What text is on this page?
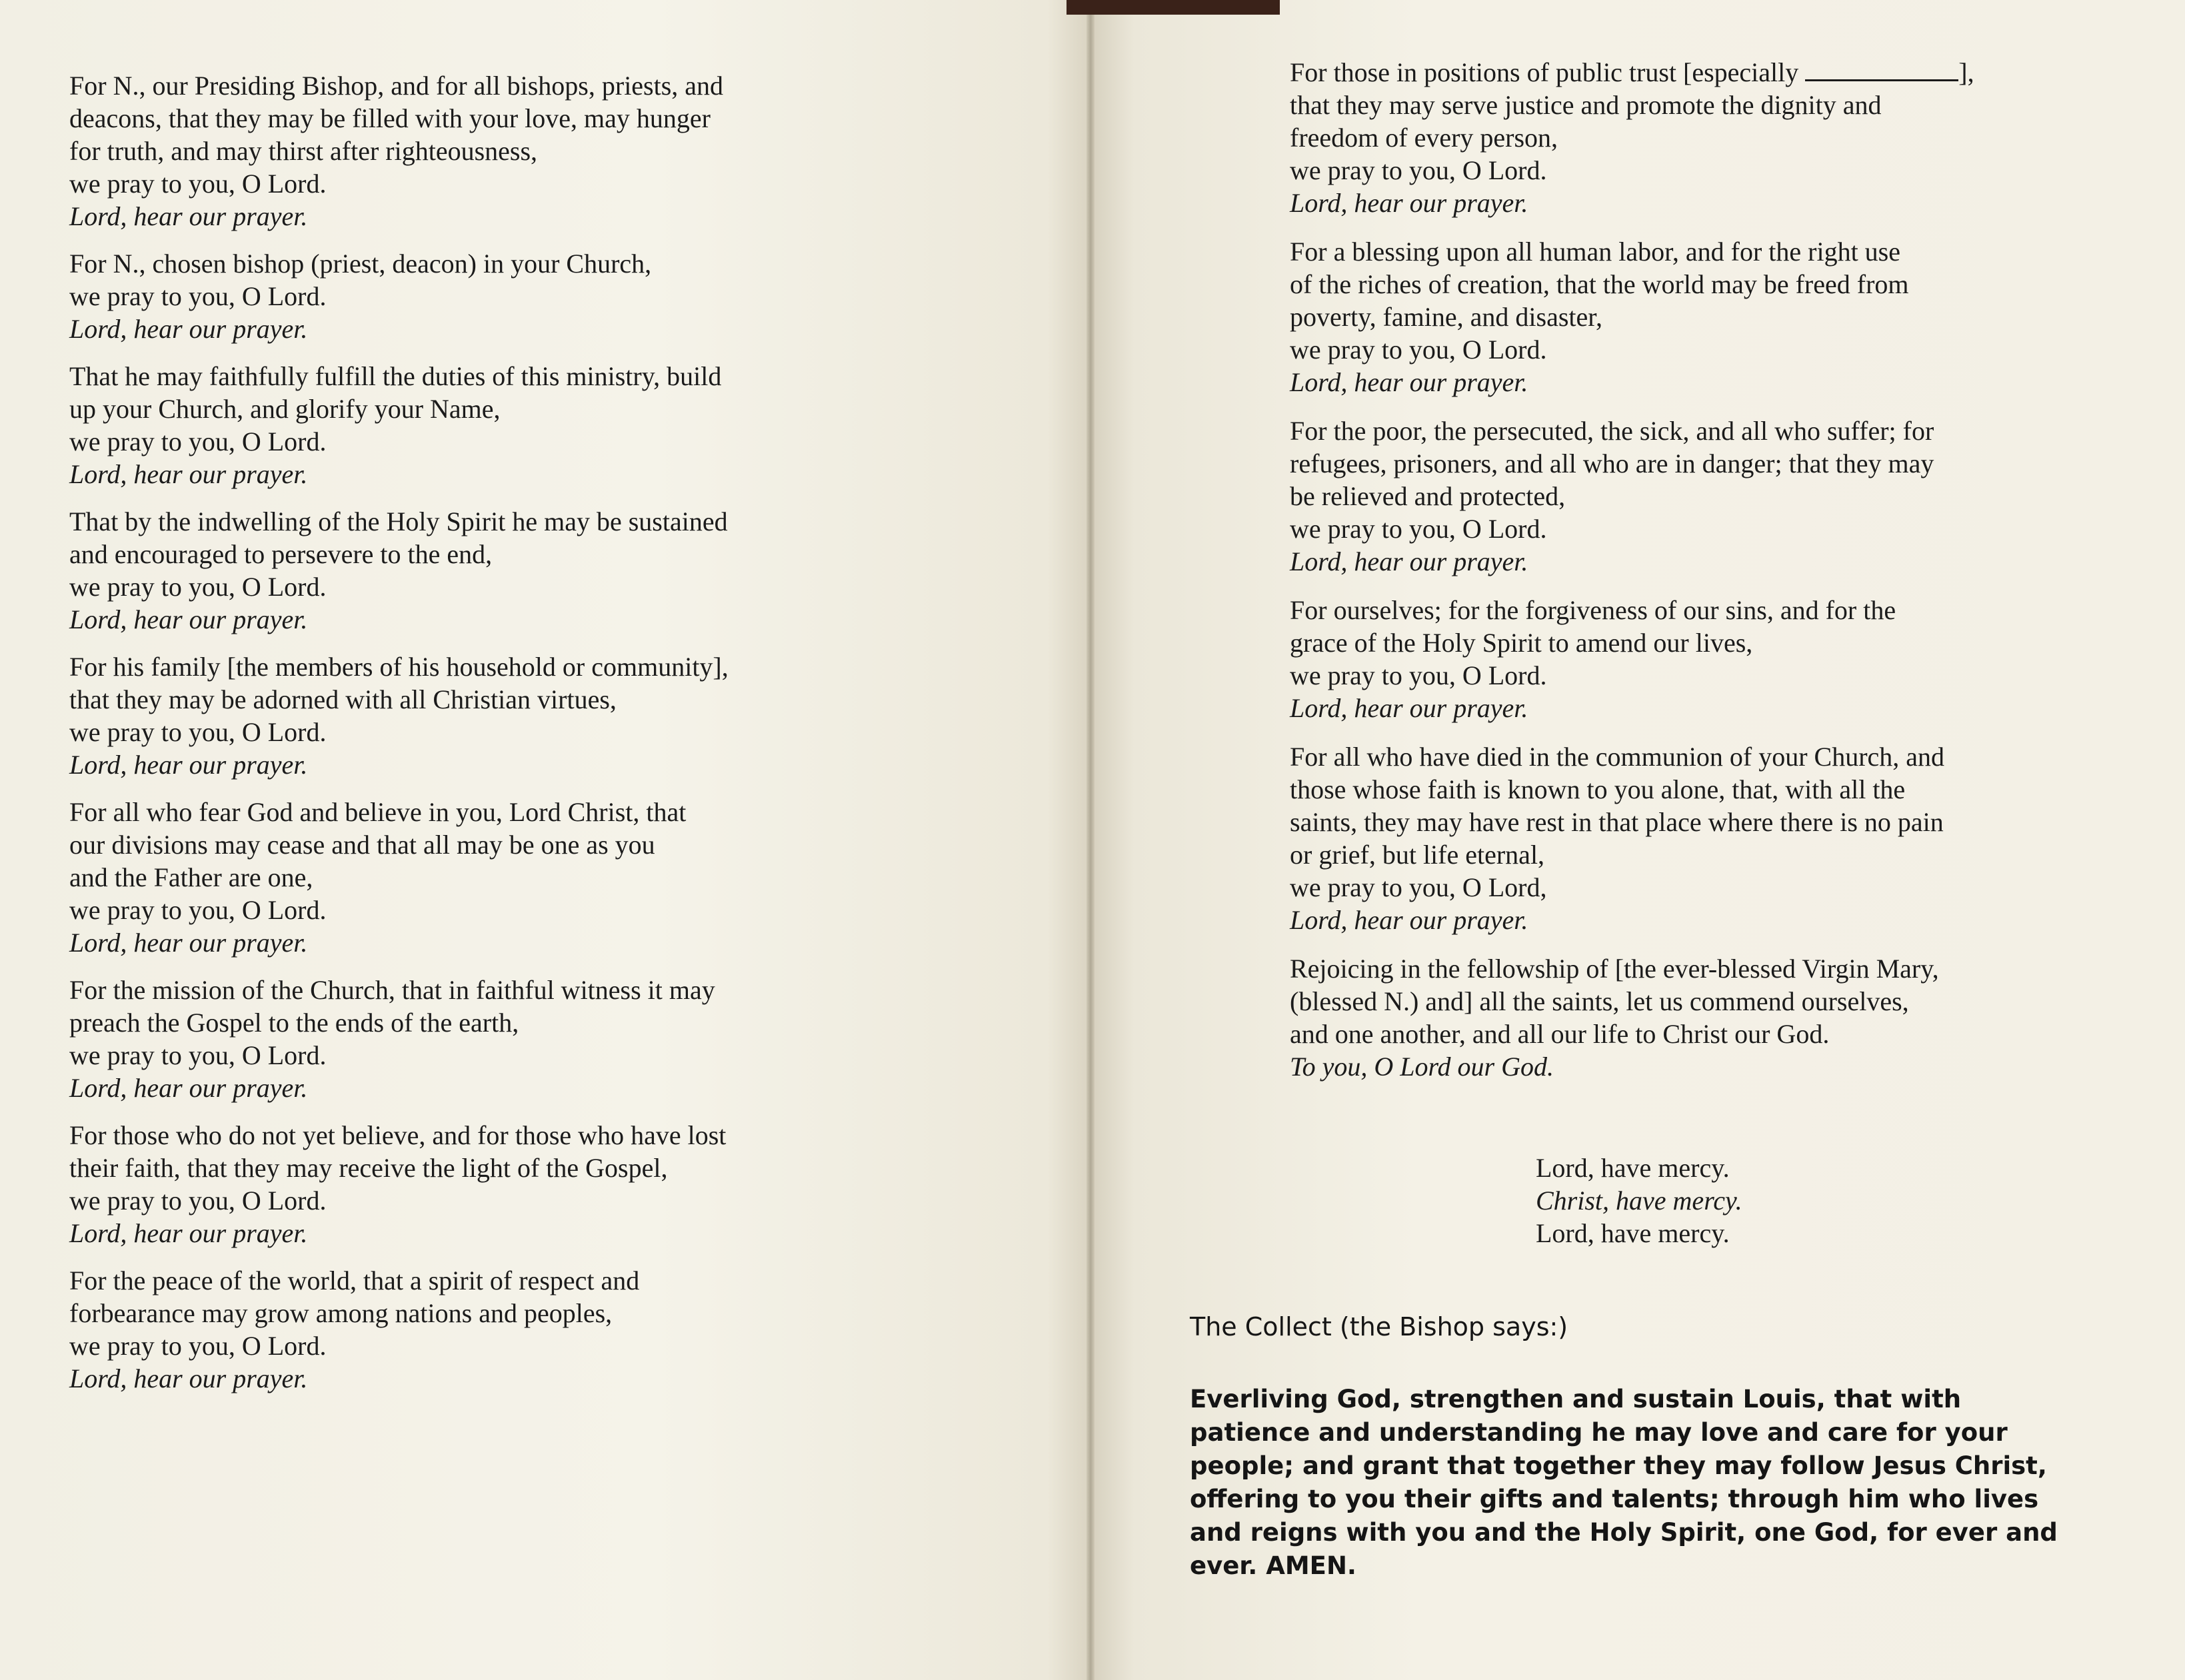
For N., our Presiding Bishop, and for all bishops, priests, and
deacons, that they may be filled with your love, may hunger
for truth, and may thirst after righteousness,
we pray to you, O Lord.
Lord, hear our prayer.
For N., chosen bishop (priest, deacon) in your Church,
we pray to you, O Lord.
Lord, hear our prayer.
That he may faithfully fulfill the duties of this ministry, build
up your Church, and glorify your Name,
we pray to you, O Lord.
Lord, hear our prayer.
That by the indwelling of the Holy Spirit he may be sustained
and encouraged to persevere to the end,
we pray to you, O Lord.
Lord, hear our prayer.
For his family [the members of his household or community],
that they may be adorned with all Christian virtues,
we pray to you, O Lord.
Lord, hear our prayer.
For all who fear God and believe in you, Lord Christ, that
our divisions may cease and that all may be one as you
and the Father are one,
we pray to you, O Lord.
Lord, hear our prayer.
For the mission of the Church, that in faithful witness it may
preach the Gospel to the ends of the earth,
we pray to you, O Lord.
Lord, hear our prayer.
For those who do not yet believe, and for those who have lost
their faith, that they may receive the light of the Gospel,
we pray to you, O Lord.
Lord, hear our prayer.
For the peace of the world, that a spirit of respect and
forbearance may grow among nations and peoples,
we pray to you, O Lord.
Lord, hear our prayer.
For those in positions of public trust [especially	],
that they may serve justice and promote the dignity and
freedom of every person,
we pray to you, O Lord.
Lord, hear our prayer.
For a blessing upon all human labor, and for the right use
of the riches of creation, that the world may be freed from
poverty, famine, and disaster,
we pray to you, O Lord.
Lord, hear our prayer.
For the poor, the persecuted, the sick, and all who suffer; for
refugees, prisoners, and all who are in danger; that they may
be relieved and protected,
we pray to you, O Lord.
Lord, hear our prayer.
For ourselves; for the forgiveness of our sins, and for the
grace of the Holy Spirit to amend our lives,
we pray to you, O Lord.
Lord, hear our prayer.
For all who have died in the communion of your Church, and
those whose faith is known to you alone, that, with all the
saints, they may have rest in that place where there is no pain
or grief, but life eternal,
we pray to you, O Lord,
Lord, hear our prayer.
Rejoicing in the fellowship of [the ever-blessed Virgin Mary,
(blessed N.) and] all the saints, let us commend ourselves,
and one another, and all our life to Christ our God.
To you, O Lord our God.
Lord, have mercy.
Christ, have mercy.
Lord, have mercy.
The Collect (the Bishop says:)
Everliving God, strengthen and sustain Louis, that with
patience and understanding he may love and care for your
people; and grant that together they may follow Jesus Christ,
offering to you their gifts and talents; through him who lives
and reigns with you and the Holy Spirit, one God, for ever and
ever. AMEN.
